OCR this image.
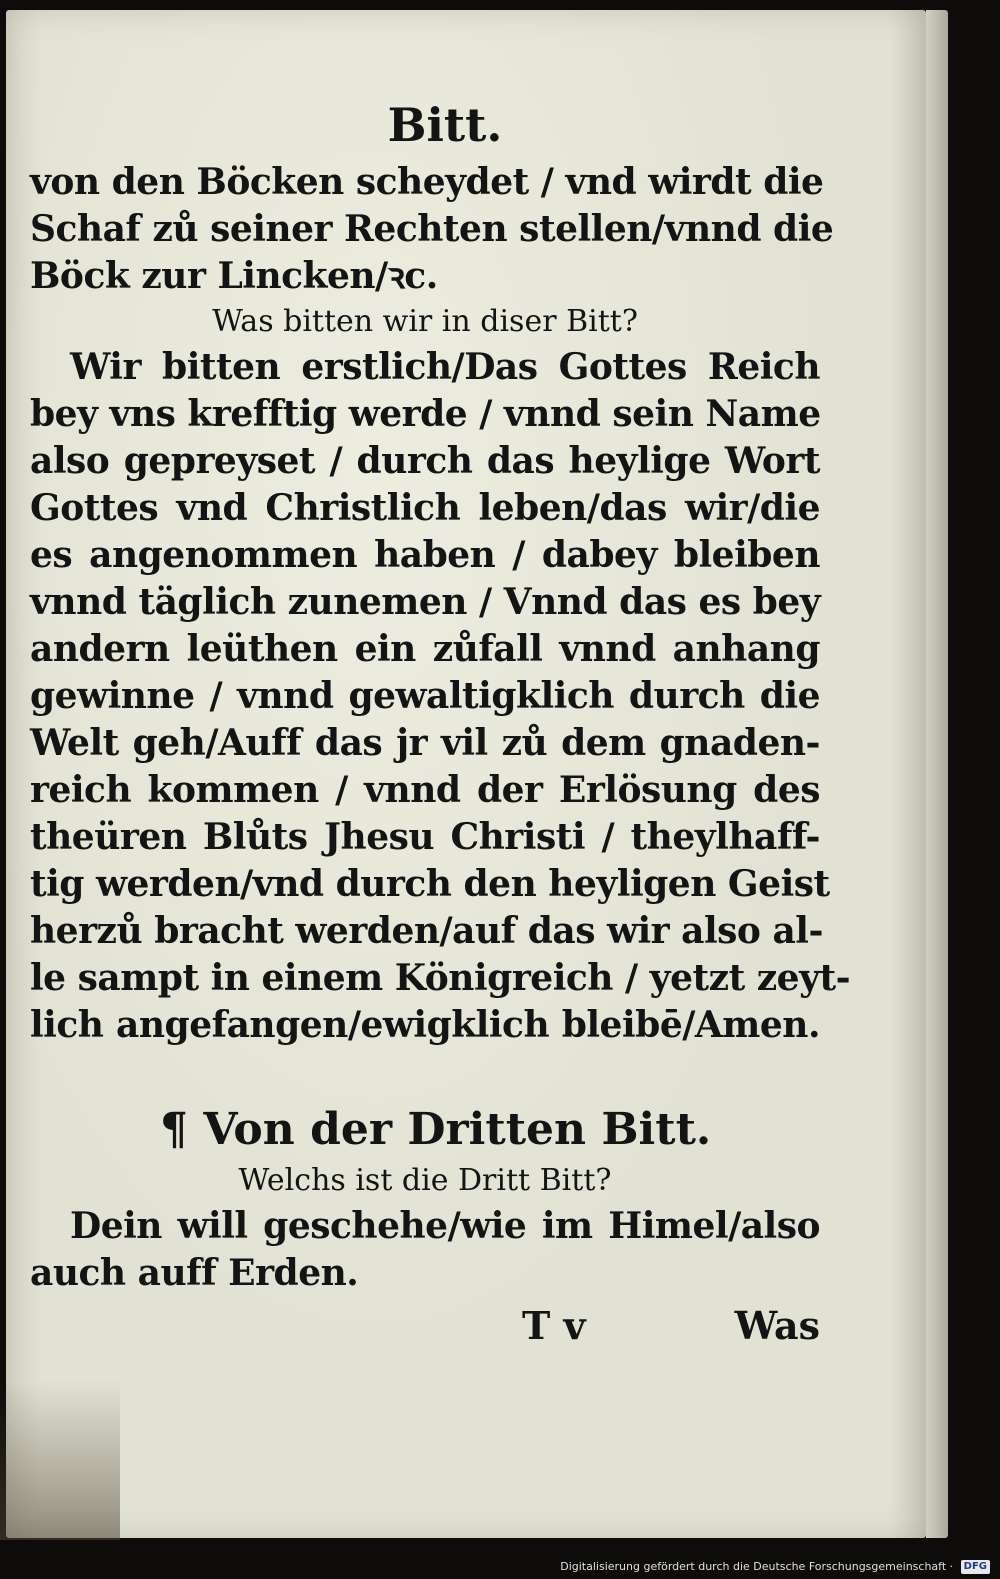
Bitt.
von den Böcken scheydet / vnd wirdt die
Schaf zů seiner Rechten stellen/vnnd die
Böck zur Lincken/ꝛc.
Was bitten wir in diser Bitt?
Wir bitten erstlich/Das Gottes Reich
bey vns krefftig werde / vnnd sein Name
also gepreyset / durch das heylige Wort
Gottes vnd Christlich leben/das wir/die
es angenommen haben / dabey bleiben
vnnd täglich zunemen / Vnnd das es bey
andern leüthen ein zůfall vnnd anhang
gewinne / vnnd gewaltigklich durch die
Welt geh/Auff das jr vil zů dem gnaden-
reich kommen / vnnd der Erlösung des
theüren Blůts Jhesu Christi / theylhaff-
tig werden/vnd durch den heyligen Geist
herzů bracht werden/auf das wir also al-
le sampt in einem Königreich / yetzt zeyt-
lich angefangen/ewigklich bleibē/Amen.
¶ Von der Dritten Bitt.
Welchs ist die Dritt Bitt?
Dein will geschehe/wie im Himel/also
auch auff Erden.
T v	Was
Digitalisierung gefördert durch die Deutsche Forschungsgemeinschaft · DFG
